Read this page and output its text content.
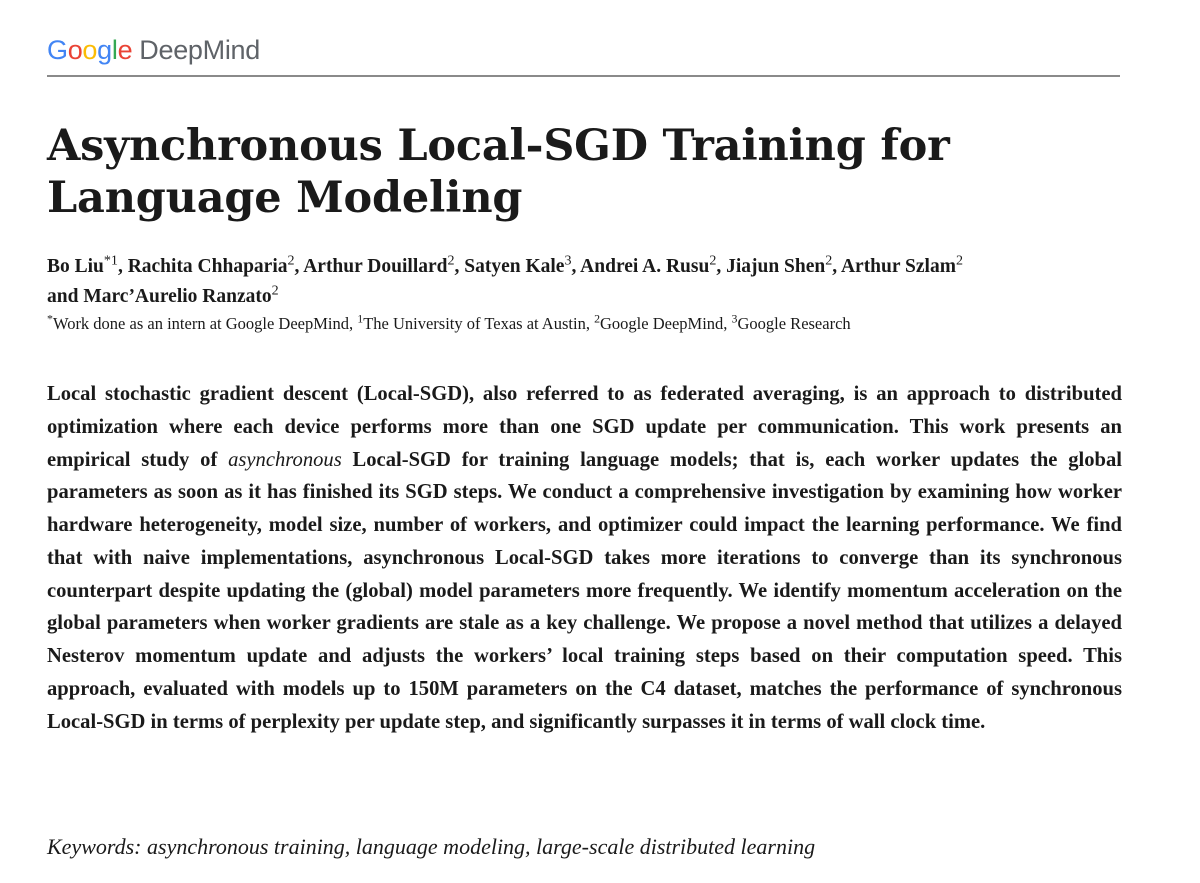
Google DeepMind
Asynchronous Local-SGD Training for
Language Modeling
Bo Liu$^{*1}$, Rachita Chhaparia$^2$, Arthur Douillard$^2$, Satyen Kale$^3$, Andrei A. Rusu$^2$, Jiajun Shen$^2$, Arthur Szlam$^2$
and Marc’Aurelio Ranzato$^2$
*Work done as an intern at Google DeepMind, $^1$The University of Texas at Austin, $^2$Google DeepMind, $^3$Google Research

Local stochastic gradient descent (Local-SGD), also referred to as federated averaging, is an approach to distributed optimization where each device performs more than one SGD update per communication. This work presents an empirical study of asynchronous Local-SGD for training language models; that is, each worker updates the global parameters as soon as it has finished its SGD steps. We conduct a comprehensive investigation by examining how worker hardware heterogeneity, model size, number of workers, and optimizer could impact the learning performance. We find that with naive implementations, asynchronous Local-SGD takes more iterations to converge than its synchronous counterpart despite updating the (global) model parameters more frequently. We identify momentum acceleration on the global parameters when worker gradients are stale as a key challenge. We propose a novel method that utilizes a delayed Nesterov momentum update and adjusts the workers’ local training steps based on their computation speed. This approach, evaluated with models up to 150M parameters on the C4 dataset, matches the performance of synchronous Local-SGD in terms of perplexity per update step, and significantly surpasses it in terms of wall clock time.

Keywords: asynchronous training, language modeling, large-scale distributed learning
